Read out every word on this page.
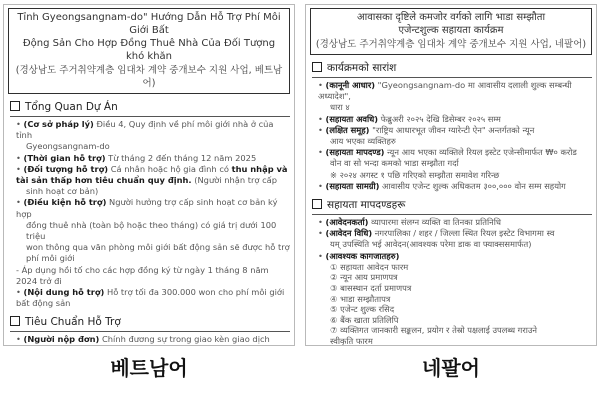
Tỉnh Gyeongsangnam-do" Hướng Dẫn Hỗ Trợ Phí Môi Giới Bất
Động Sản Cho Hợp Đồng Thuê Nhà Của Đối Tượng khó khăn
(경상남도 주거취약계층 임대차 계약 중개보수 지원 사업, 베트남어)
Tổng Quan Dự Án
• (Cơ sở pháp lý) Điều 4, Quy định về phí môi giới nhà ở của tỉnh
Gyeongsangnam-do
• (Thời gian hỗ trợ) Từ tháng 2 đến tháng 12 năm 2025
• (Đối tượng hỗ trợ) Cá nhân hoặc hộ gia đình có thu nhập và
tài sản thấp hơn tiêu chuẩn quy định. (Người nhận trợ cấp
sinh hoạt cơ bản)
• (Điều kiện hỗ trợ) Người hưởng trợ cấp sinh hoạt cơ bản ký hợp
đồng thuê nhà (toàn bộ hoặc theo tháng) có giá trị dưới 100 triệu
won thông qua văn phòng môi giới bất động sản sẽ được hỗ trợ
phí môi giới
- Áp dụng hồi tố cho các hợp đồng ký từ ngày 1 tháng 8 năm 2024 trở đi
• (Nội dung hỗ trợ) Hỗ trợ tối đa 300.000 won cho phí môi giới bất động sản
Tiêu Chuẩn Hỗ Trợ
• (Người nộp đơn) Chính đương sự trong giao kèn giao dịch
आवासका दृष्टिले कमजोर वर्गको लागि भाडा सम्झौता
एजेन्टशुल्क सहायता कार्यक्रम
(경상남도 주거취약계층 임대차 계약 중개보수 지원 사업, 네팔어)
कार्यक्रमको सारांश
• (कानूनी आधार) "Gyeongsangnam-do मा आवासीय दलाली शुल्क सम्बन्धी अध्यादेश",
धारा ४
• (सहायता अवधि) फेब्रुअरी २०२५ देखि डिसेम्बर २०२५ सम्म
• (लक्षित समूह) "राष्ट्रिय आधारभूत जीवन ग्यारेन्टी ऐन" अन्तर्गतको न्यून
आय भएका व्यक्तिहरु
• (सहायता मापदण्ड) न्यून आय भएका व्यक्तिले रियल इस्टेट एजेन्सीमार्फत ₩० करोड
वोन वा सो भन्दा कमको भाडा सम्झौता गर्दा
※ २०२४ अगस्ट १ पछि गरिएको सम्झौता समावेश गरिन्छ
• (सहायता सामग्री) आवासीय एजेन्ट शुल्क अधिकतम ३००,००० वोन सम्म सहयोग
सहायता मापदण्डहरू
• (आवेदनकर्ता) व्यापारमा संलग्न व्यक्ति वा तिनका प्रतिनिधि
• (आवेदन विधि) नगरपालिका / शहर / जिल्ला स्थित रियल इस्टेट विभागमा स्व
यम् उपस्थिति भई आवेदन(आवश्यक परेमा डाक वा फ्याक्ससमार्फत)
• (आवश्यक कागजातहरु)
① सहायता आवेदन फारम
② न्यून आय प्रमाणपत्र
③ बासस्थान दर्ता प्रमाणपत्र
④ भाडा सम्झौतापत्र
⑤ एजेन्ट शुल्क रसिद
⑥ बैंक खाता प्रतिलिपि
⑦ व्यक्तिगत जानकारी सङ्कलन, प्रयोग र तेस्रो पक्षलाई उपलब्ध गराउने
स्वीकृति फारम
베트남어	네팔어
